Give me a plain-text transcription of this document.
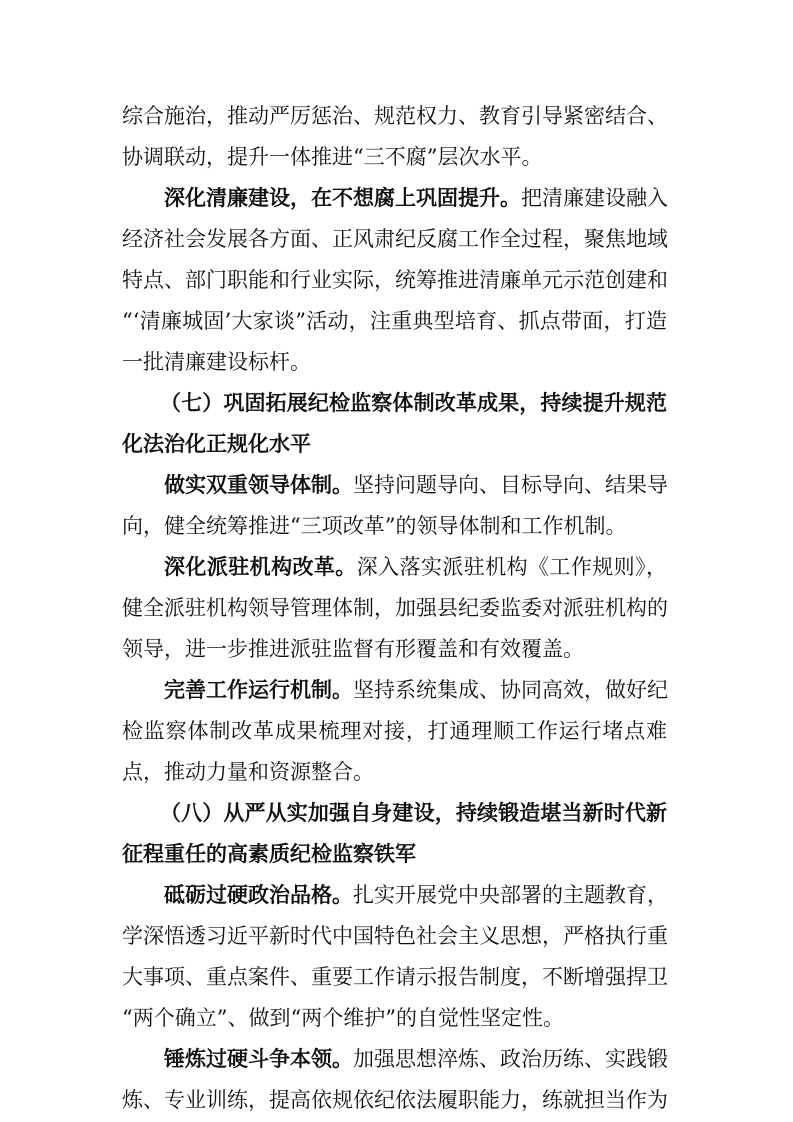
综合施治，推动严厉惩治、规范权力、教育引导紧密结合、
协调联动，提升一体推进“三不腐”层次水平。
深化清廉建设，在不想腐上巩固提升。把清廉建设融入
经济社会发展各方面、正风肃纪反腐工作全过程，聚焦地域
特点、部门职能和行业实际，统筹推进清廉单元示范创建和
“‘清廉城固’大家谈”活动，注重典型培育、抓点带面，打造
一批清廉建设标杆。
（七）巩固拓展纪检监察体制改革成果，持续提升规范
化法治化正规化水平
做实双重领导体制。坚持问题导向、目标导向、结果导
向，健全统筹推进“三项改革”的领导体制和工作机制。
深化派驻机构改革。深入落实派驻机构《工作规则》，
健全派驻机构领导管理体制，加强县纪委监委对派驻机构的
领导，进一步推进派驻监督有形覆盖和有效覆盖。
完善工作运行机制。坚持系统集成、协同高效，做好纪
检监察体制改革成果梳理对接，打通理顺工作运行堵点难
点，推动力量和资源整合。
（八）从严从实加强自身建设，持续锻造堪当新时代新
征程重任的高素质纪检监察铁军
砥砺过硬政治品格。扎实开展党中央部署的主题教育，
学深悟透习近平新时代中国特色社会主义思想，严格执行重
大事项、重点案件、重要工作请示报告制度，不断增强捍卫
“两个确立”、做到“两个维护”的自觉性坚定性。
锤炼过硬斗争本领。加强思想淬炼、政治历练、实践锻
炼、专业训练，提高依规依纪依法履职能力，练就担当作为
